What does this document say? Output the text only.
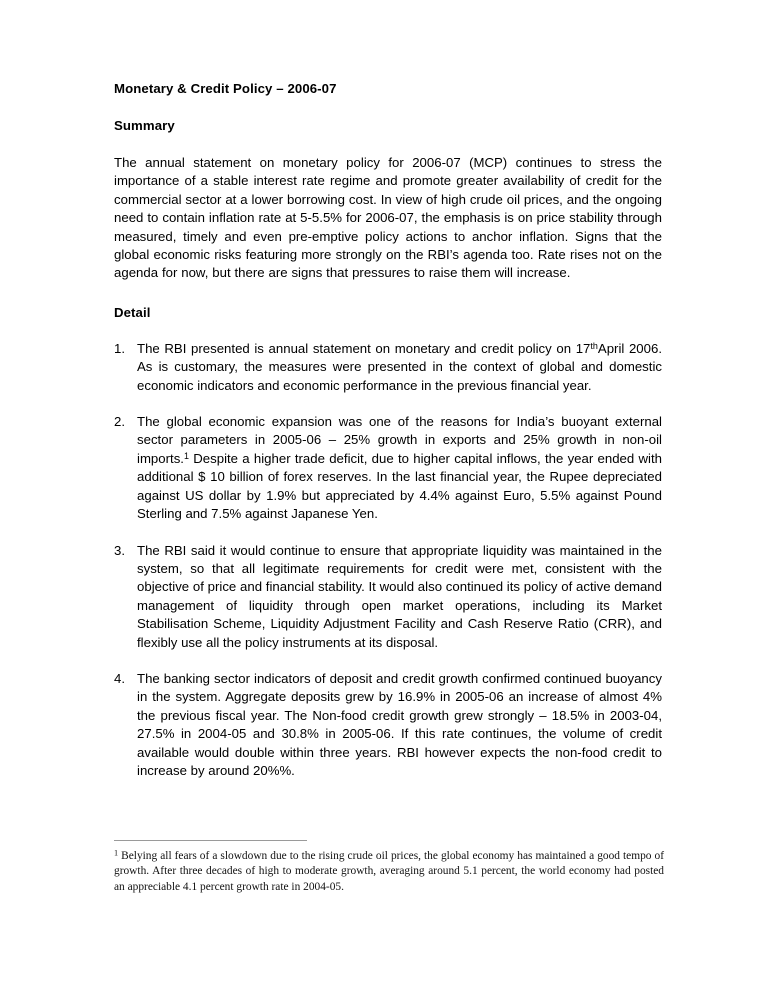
Monetary & Credit Policy – 2006-07
Summary

The annual statement on monetary policy for 2006-07 (MCP) continues to stress the importance of a stable interest rate regime and promote greater availability of credit for the commercial sector at a lower borrowing cost. In view of high crude oil prices, and the ongoing need to contain inflation rate at 5-5.5% for 2006-07, the emphasis is on price stability through measured, timely and even pre-emptive policy actions to anchor inflation. Signs that the global economic risks featuring more strongly on the RBI’s agenda too. Rate rises not on the agenda for now, but there are signs that pressures to raise them will increase.

Detail
1. The RBI presented is annual statement on monetary and credit policy on 17thApril 2006. As is customary, the measures were presented in the context of global and domestic economic indicators and economic performance in the previous financial year.
2. The global economic expansion was one of the reasons for India’s buoyant external sector parameters in 2005-06 – 25% growth in exports and 25% growth in non-oil imports.$^1$ Despite a higher trade deficit, due to higher capital inflows, the year ended with additional $ 10 billion of forex reserves. In the last financial year, the Rupee depreciated against US dollar by 1.9% but appreciated by 4.4% against Euro, 5.5% against Pound Sterling and 7.5% against Japanese Yen.
3. The RBI said it would continue to ensure that appropriate liquidity was maintained in the system, so that all legitimate requirements for credit were met, consistent with the objective of price and financial stability. It would also continued its policy of active demand management of liquidity through open market operations, including its Market Stabilisation Scheme, Liquidity Adjustment Facility and Cash Reserve Ratio (CRR), and flexibly use all the policy instruments at its disposal.
4. The banking sector indicators of deposit and credit growth confirmed continued buoyancy in the system. Aggregate deposits grew by 16.9% in 2005-06 an increase of almost 4% the previous fiscal year. The Non-food credit growth grew strongly – 18.5% in 2003-04, 27.5% in 2004-05 and 30.8% in 2005-06. If this rate continues, the volume of credit available would double within three years. RBI however expects the non-food credit to increase by around 20%%.

$^1$ Belying all fears of a slowdown due to the rising crude oil prices, the global economy has maintained a good tempo of growth. After three decades of high to moderate growth, averaging around 5.1 percent, the world economy had posted an appreciable 4.1 percent growth rate in 2004-05.
